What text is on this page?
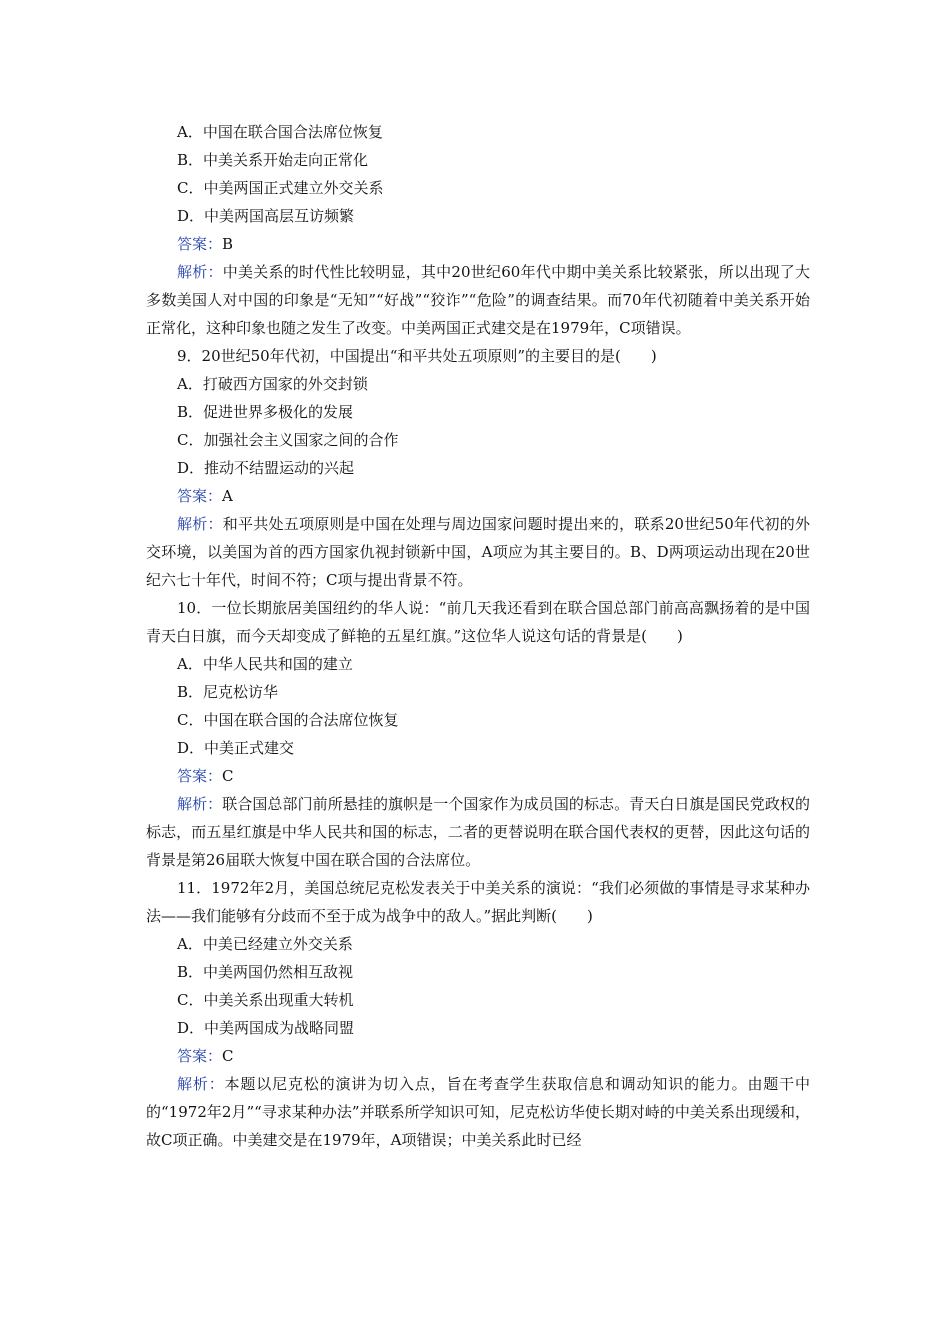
A．中国在联合国合法席位恢复
B．中美关系开始走向正常化
C．中美两国正式建立外交关系
D．中美两国高层互访频繁
答案：B
解析：中美关系的时代性比较明显，其中20世纪60年代中期中美关系比较紧张，所以出现了大多数美国人对中国的印象是“无知”“好战”“狡诈”“危险”的调查结果。而70年代初随着中美关系开始正常化，这种印象也随之发生了改变。中美两国正式建交是在1979年，C项错误。
9．20世纪50年代初，中国提出“和平共处五项原则”的主要目的是( )
A．打破西方国家的外交封锁
B．促进世界多极化的发展
C．加强社会主义国家之间的合作
D．推动不结盟运动的兴起
答案：A
解析：和平共处五项原则是中国在处理与周边国家问题时提出来的，联系20世纪50年代初的外交环境，以美国为首的西方国家仇视封锁新中国，A项应为其主要目的。B、D两项运动出现在20世纪六七十年代，时间不符；C项与提出背景不符。
10．一位长期旅居美国纽约的华人说：“前几天我还看到在联合国总部门前高高飘扬着的是中国青天白日旗，而今天却变成了鲜艳的五星红旗。”这位华人说这句话的背景是( )
A．中华人民共和国的建立
B．尼克松访华
C．中国在联合国的合法席位恢复
D．中美正式建交
答案：C
解析：联合国总部门前所悬挂的旗帜是一个国家作为成员国的标志。青天白日旗是国民党政权的标志，而五星红旗是中华人民共和国的标志，二者的更替说明在联合国代表权的更替，因此这句话的背景是第26届联大恢复中国在联合国的合法席位。
11．1972年2月，美国总统尼克松发表关于中美关系的演说：“我们必须做的事情是寻求某种办法——我们能够有分歧而不至于成为战争中的敌人。”据此判断( )
A．中美已经建立外交关系
B．中美两国仍然相互敌视
C．中美关系出现重大转机
D．中美两国成为战略同盟
答案：C
解析：本题以尼克松的演讲为切入点，旨在考查学生获取信息和调动知识的能力。由题干中的“1972年2月”“寻求某种办法”并联系所学知识可知，尼克松访华使长期对峙的中美关系出现缓和，故C项正确。中美建交是在1979年，A项错误；中美关系此时已经
